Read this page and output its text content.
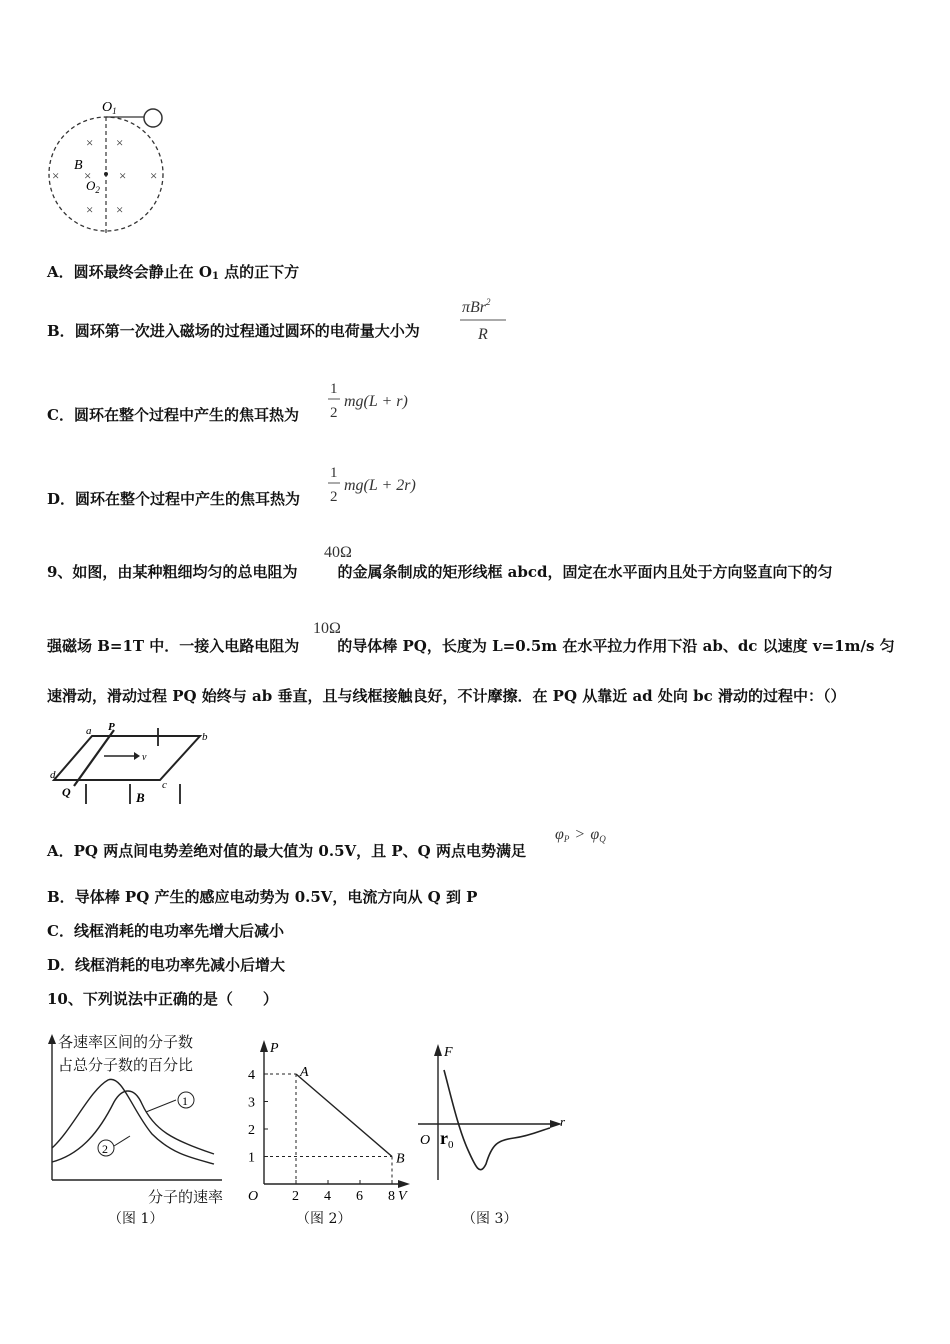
$O_1$
B
$O_2$
× ×
× × × ×
× ×
A．圆环最终会静止在 $O_1$ 点的正下方
B．圆环第一次进入磁场的过程通过圆环的电荷量大小为
πBr$^2$
R
C．圆环在整个过程中产生的焦耳热为
1
2
mg(L + r)
D．圆环在整个过程中产生的焦耳热为
1
2
mg(L + 2r)
9、如图，由某种粗细均匀的总电阻为	的金属条制成的矩形线框 abcd，固定在水平面内且处于方向竖直向下的匀
40Ω
强磁场 B=1T 中．一接入电路电阻为	的导体棒 PQ，长度为 L=0.5m 在水平拉力作用下沿 ab、dc 以速度 v=1m/s 匀
10Ω
速滑动，滑动过程 PQ 始终与 ab 垂直，且与线框接触良好，不计摩擦．在 PQ 从靠近 ad 处向 bc 滑动的过程中：（）
a P
b
d
c
Q
v
B
A．PQ 两点间电势差绝对值的最大值为 0.5V，且 P、Q 两点电势满足
φP > φQ
B．导体棒 PQ 产生的感应电动势为 0.5V，电流方向从 Q 到 P
C．线框消耗的电功率先增大后减小
D．线框消耗的电功率先减小后增大
10、下列说法中正确的是（　　）
1
2
各速率区间的分子数
占总分子数的百分比
分子的速率
（图 1）
P
V
O
1
2
3
4
2 4 6 8
A
B
（图 2）
F
r
O $r_0$
（图 3）
